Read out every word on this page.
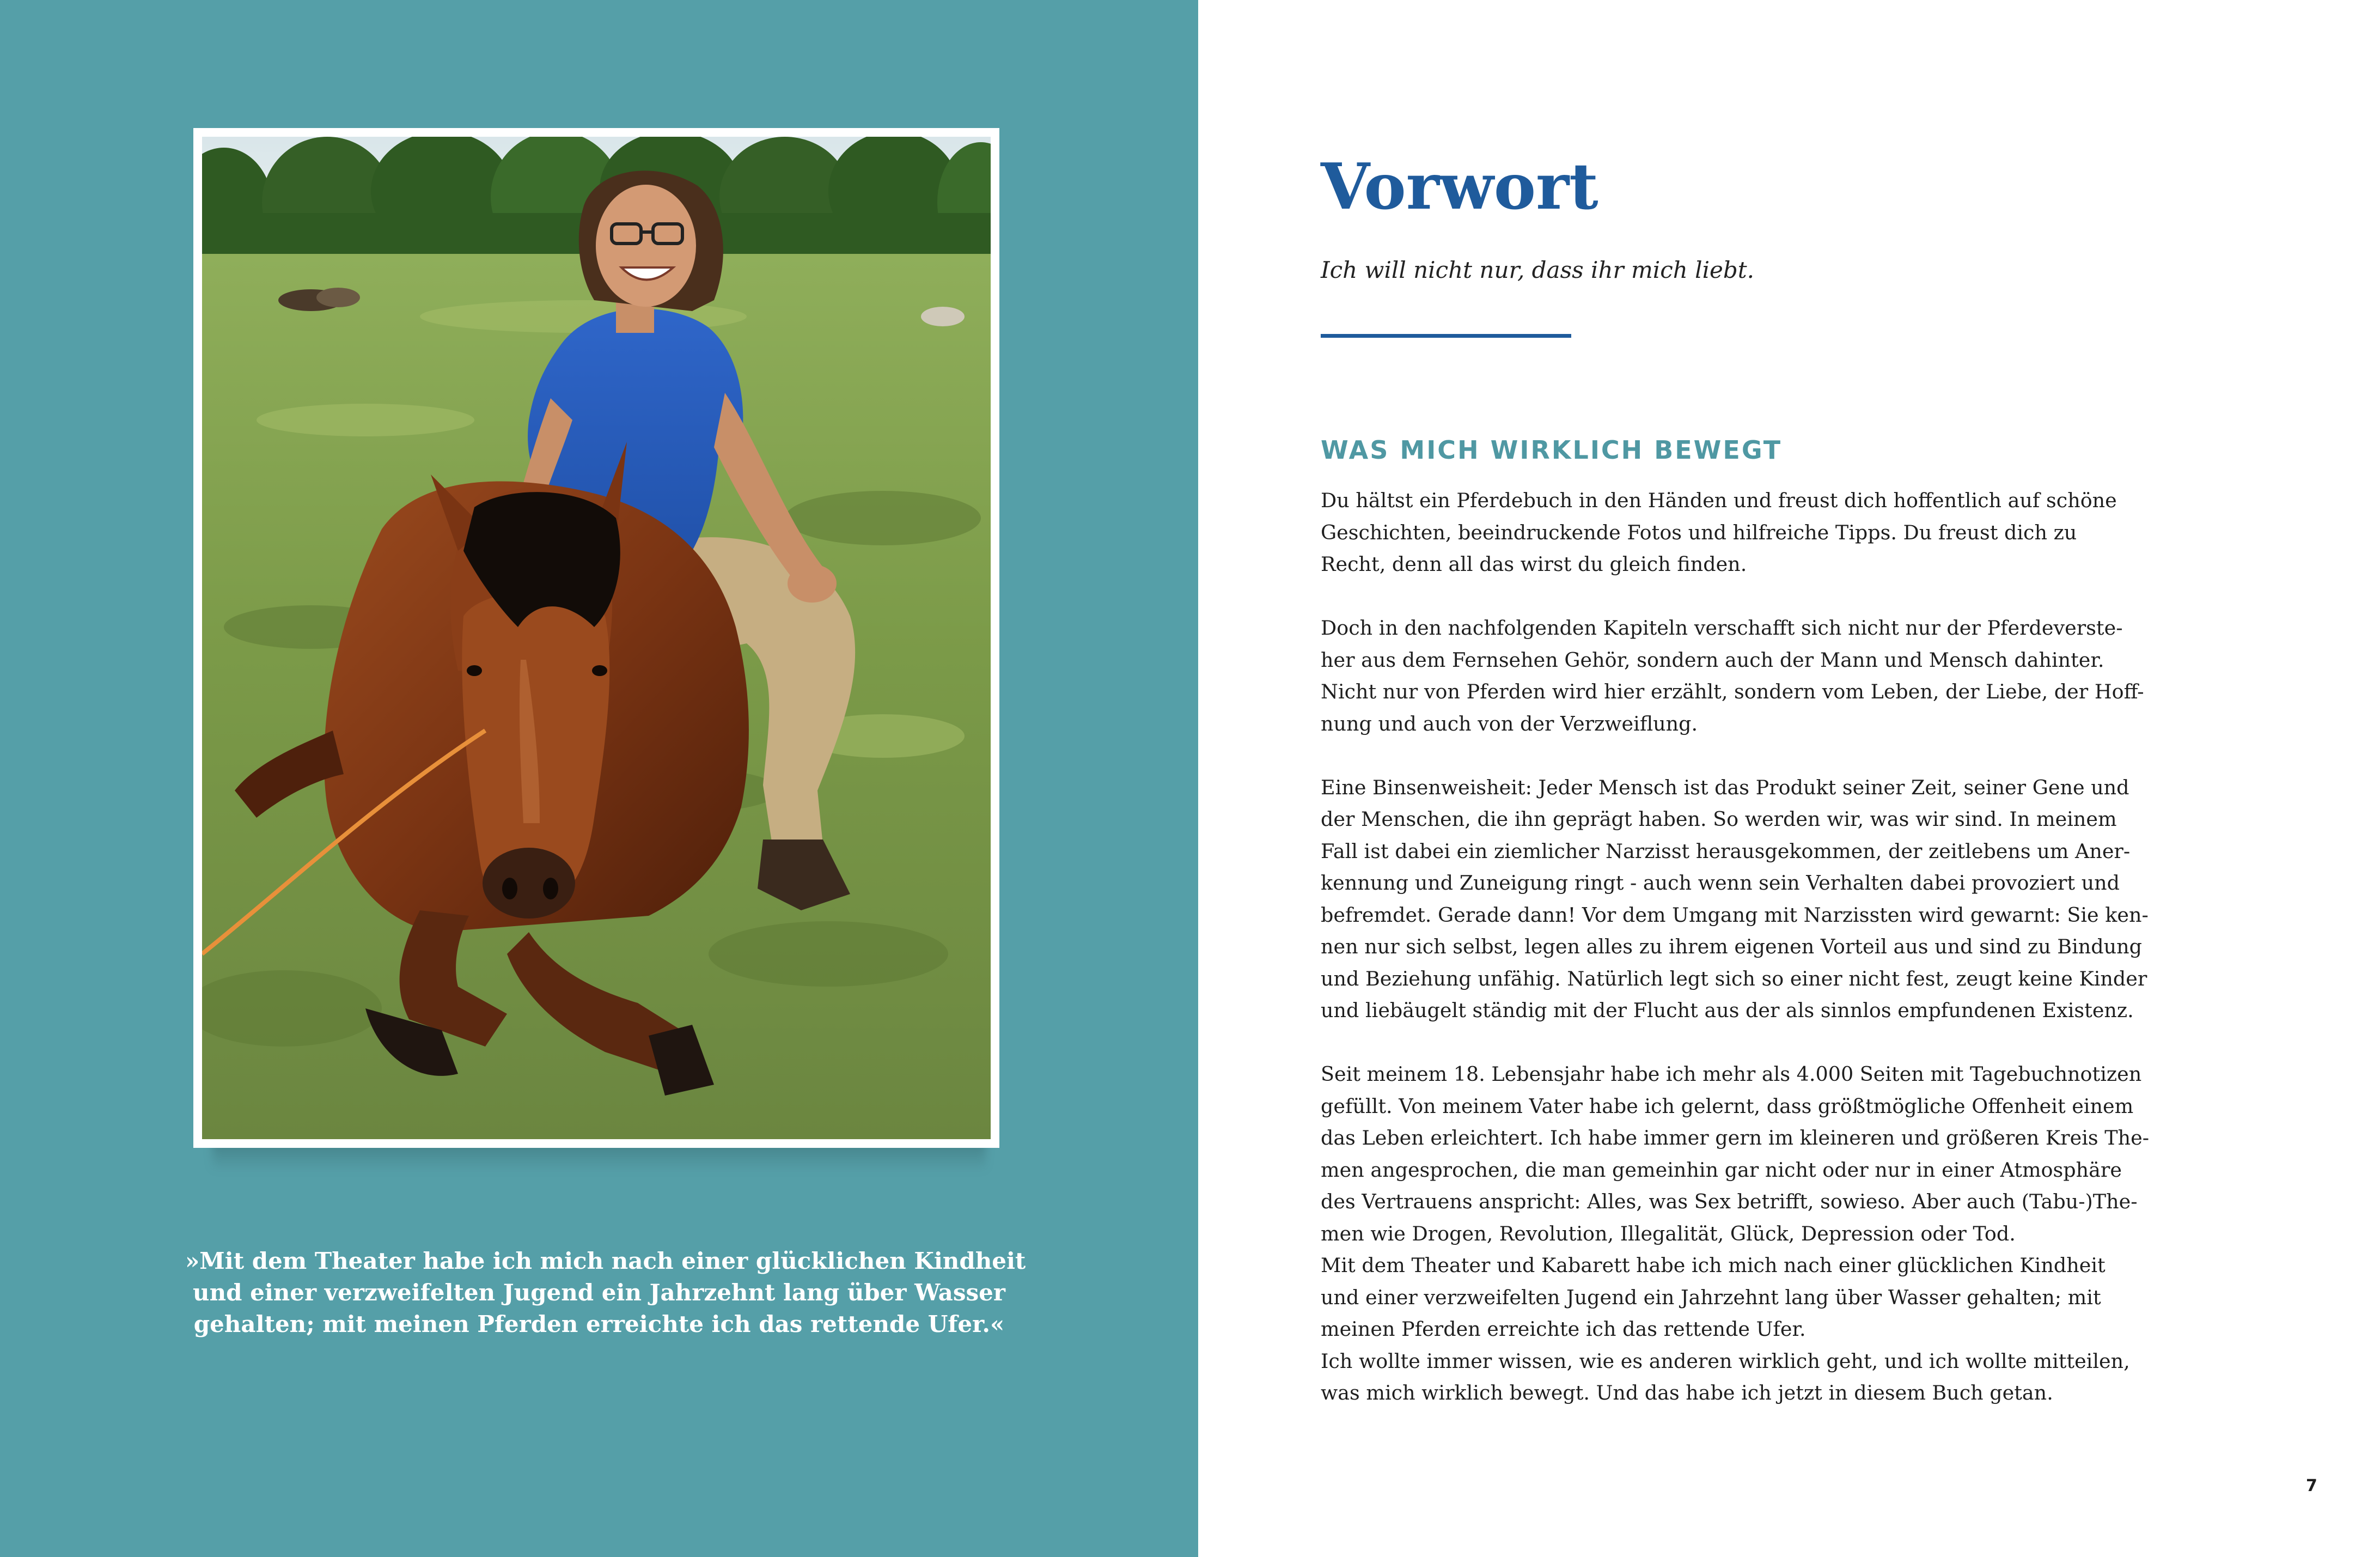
»Mit dem Theater habe ich mich nach einer glücklichen Kindheit
und einer verzweifelten Jugend ein Jahrzehnt lang über Wasser
gehalten; mit meinen Pferden erreichte ich das rettende Ufer.«
Vorwort
Ich will nicht nur, dass ihr mich liebt.
WAS MICH WIRKLICH BEWEGT

Du hältst ein Pferdebuch in den Händen und freust dich hoffentlich auf schöne
Geschichten, beeindruckende Fotos und hilfreiche Tipps. Du freust dich zu
Recht, denn all das wirst du gleich finden.

Doch in den nachfolgenden Kapiteln verschafft sich nicht nur der Pferdeverste-
her aus dem Fernsehen Gehör, sondern auch der Mann und Mensch dahinter.
Nicht nur von Pferden wird hier erzählt, sondern vom Leben, der Liebe, der Hoff-
nung und auch von der Verzweiflung.

Eine Binsenweisheit: Jeder Mensch ist das Produkt seiner Zeit, seiner Gene und
der Menschen, die ihn geprägt haben. So werden wir, was wir sind. In meinem
Fall ist dabei ein ziemlicher Narzisst herausgekommen, der zeitlebens um Aner-
kennung und Zuneigung ringt - auch wenn sein Verhalten dabei provoziert und
befremdet. Gerade dann! Vor dem Umgang mit Narzissten wird gewarnt: Sie ken-
nen nur sich selbst, legen alles zu ihrem eigenen Vorteil aus und sind zu Bindung
und Beziehung unfähig. Natürlich legt sich so einer nicht fest, zeugt keine Kinder
und liebäugelt ständig mit der Flucht aus der als sinnlos empfundenen Existenz.

Seit meinem 18. Lebensjahr habe ich mehr als 4.000 Seiten mit Tagebuchnotizen
gefüllt. Von meinem Vater habe ich gelernt, dass größtmögliche Offenheit einem
das Leben erleichtert. Ich habe immer gern im kleineren und größeren Kreis The-
men angesprochen, die man gemeinhin gar nicht oder nur in einer Atmosphäre
des Vertrauens anspricht: Alles, was Sex betrifft, sowieso. Aber auch (Tabu-)The-
men wie Drogen, Revolution, Illegalität, Glück, Depression oder Tod.
Mit dem Theater und Kabarett habe ich mich nach einer glücklichen Kindheit
und einer verzweifelten Jugend ein Jahrzehnt lang über Wasser gehalten; mit
meinen Pferden erreichte ich das rettende Ufer.
Ich wollte immer wissen, wie es anderen wirklich geht, und ich wollte mitteilen,
was mich wirklich bewegt. Und das habe ich jetzt in diesem Buch getan.

7
